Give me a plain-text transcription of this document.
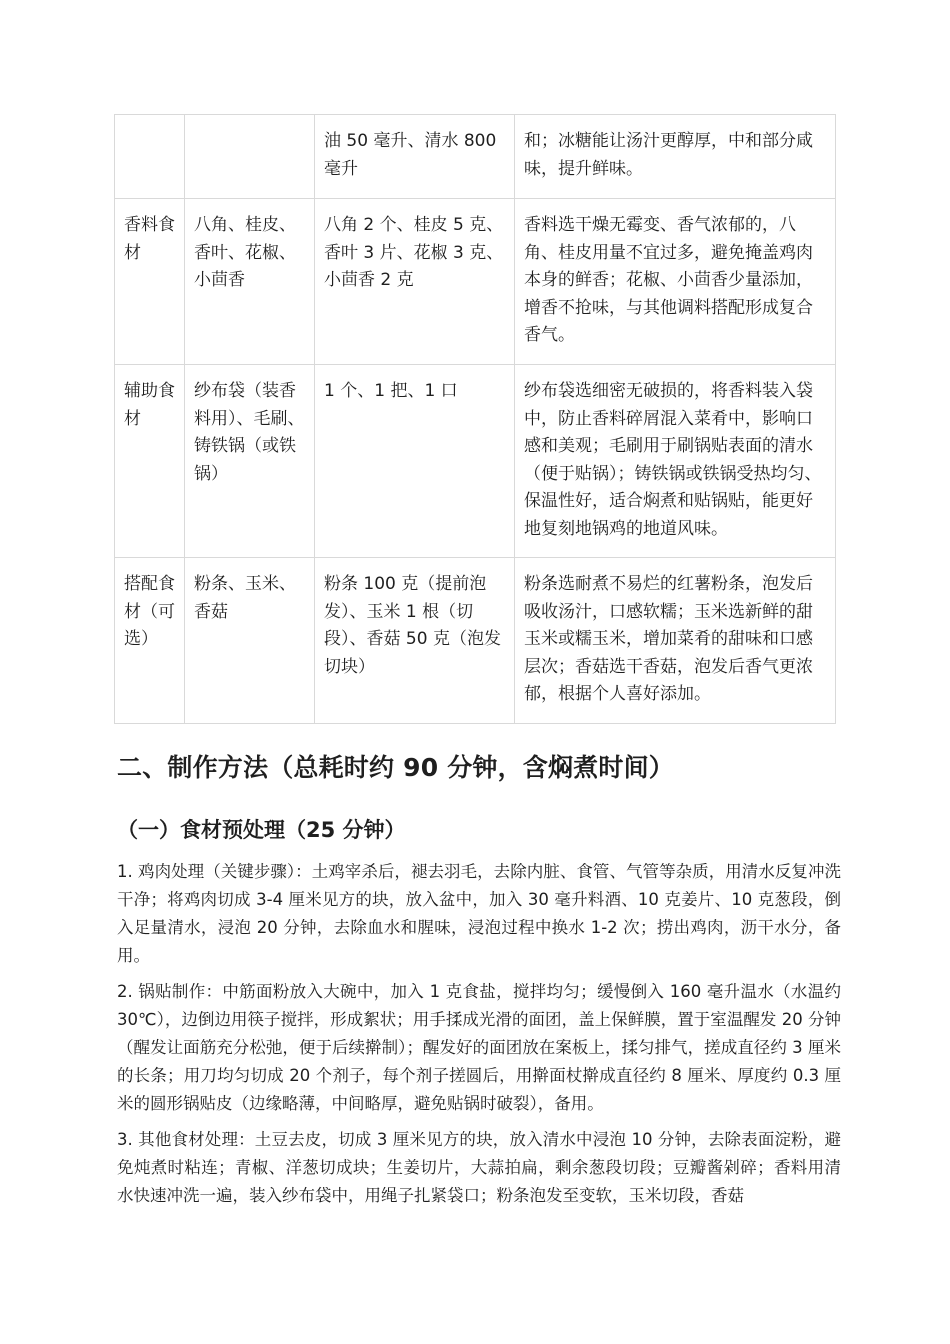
		油 50 毫升、清水 800 毫升	和；冰糖能让汤汁更醇厚，中和部分咸味，提升鲜味。
香料食材	八角、桂皮、香叶、花椒、小茴香	八角 2 个、桂皮 5 克、香叶 3 片、花椒 3 克、小茴香 2 克	香料选干燥无霉变、香气浓郁的，八角、桂皮用量不宜过多，避免掩盖鸡肉本身的鲜香；花椒、小茴香少量添加，增香不抢味，与其他调料搭配形成复合香气。
辅助食材	纱布袋（装香料用）、毛刷、铸铁锅（或铁锅）	1 个、1 把、1 口	纱布袋选细密无破损的，将香料装入袋中，防止香料碎屑混入菜肴中，影响口感和美观；毛刷用于刷锅贴表面的清水（便于贴锅）；铸铁锅或铁锅受热均匀、保温性好，适合焖煮和贴锅贴，能更好地复刻地锅鸡的地道风味。
搭配食材（可选）	粉条、玉米、香菇	粉条 100 克（提前泡发）、玉米 1 根（切段）、香菇 50 克（泡发切块）	粉条选耐煮不易烂的红薯粉条，泡发后吸收汤汁，口感软糯；玉米选新鲜的甜玉米或糯玉米，增加菜肴的甜味和口感层次；香菇选干香菇，泡发后香气更浓郁，根据个人喜好添加。
二、制作方法（总耗时约 90 分钟，含焖煮时间）
（一）食材预处理（25 分钟）

1. 鸡肉处理（关键步骤）：土鸡宰杀后，褪去羽毛，去除内脏、食管、气管等杂质，用清水反复冲洗干净；将鸡肉切成 3-4 厘米见方的块，放入盆中，加入 30 毫升料酒、10 克姜片、10 克葱段，倒入足量清水，浸泡 20 分钟，去除血水和腥味，浸泡过程中换水 1-2 次；捞出鸡肉，沥干水分，备用。

2. 锅贴制作：中筋面粉放入大碗中，加入 1 克食盐，搅拌均匀；缓慢倒入 160 毫升温水（水温约 30℃），边倒边用筷子搅拌，形成絮状；用手揉成光滑的面团，盖上保鲜膜，置于室温醒发 20 分钟（醒发让面筋充分松弛，便于后续擀制）；醒发好的面团放在案板上，揉匀排气，搓成直径约 3 厘米的长条；用刀均匀切成 20 个剂子，每个剂子搓圆后，用擀面杖擀成直径约 8 厘米、厚度约 0.3 厘米的圆形锅贴皮（边缘略薄，中间略厚，避免贴锅时破裂），备用。

3. 其他食材处理：土豆去皮，切成 3 厘米见方的块，放入清水中浸泡 10 分钟，去除表面淀粉，避免炖煮时粘连；青椒、洋葱切成块；生姜切片，大蒜拍扁，剩余葱段切段；豆瓣酱剁碎；香料用清水快速冲洗一遍，装入纱布袋中，用绳子扎紧袋口；粉条泡发至变软，玉米切段，香菇
